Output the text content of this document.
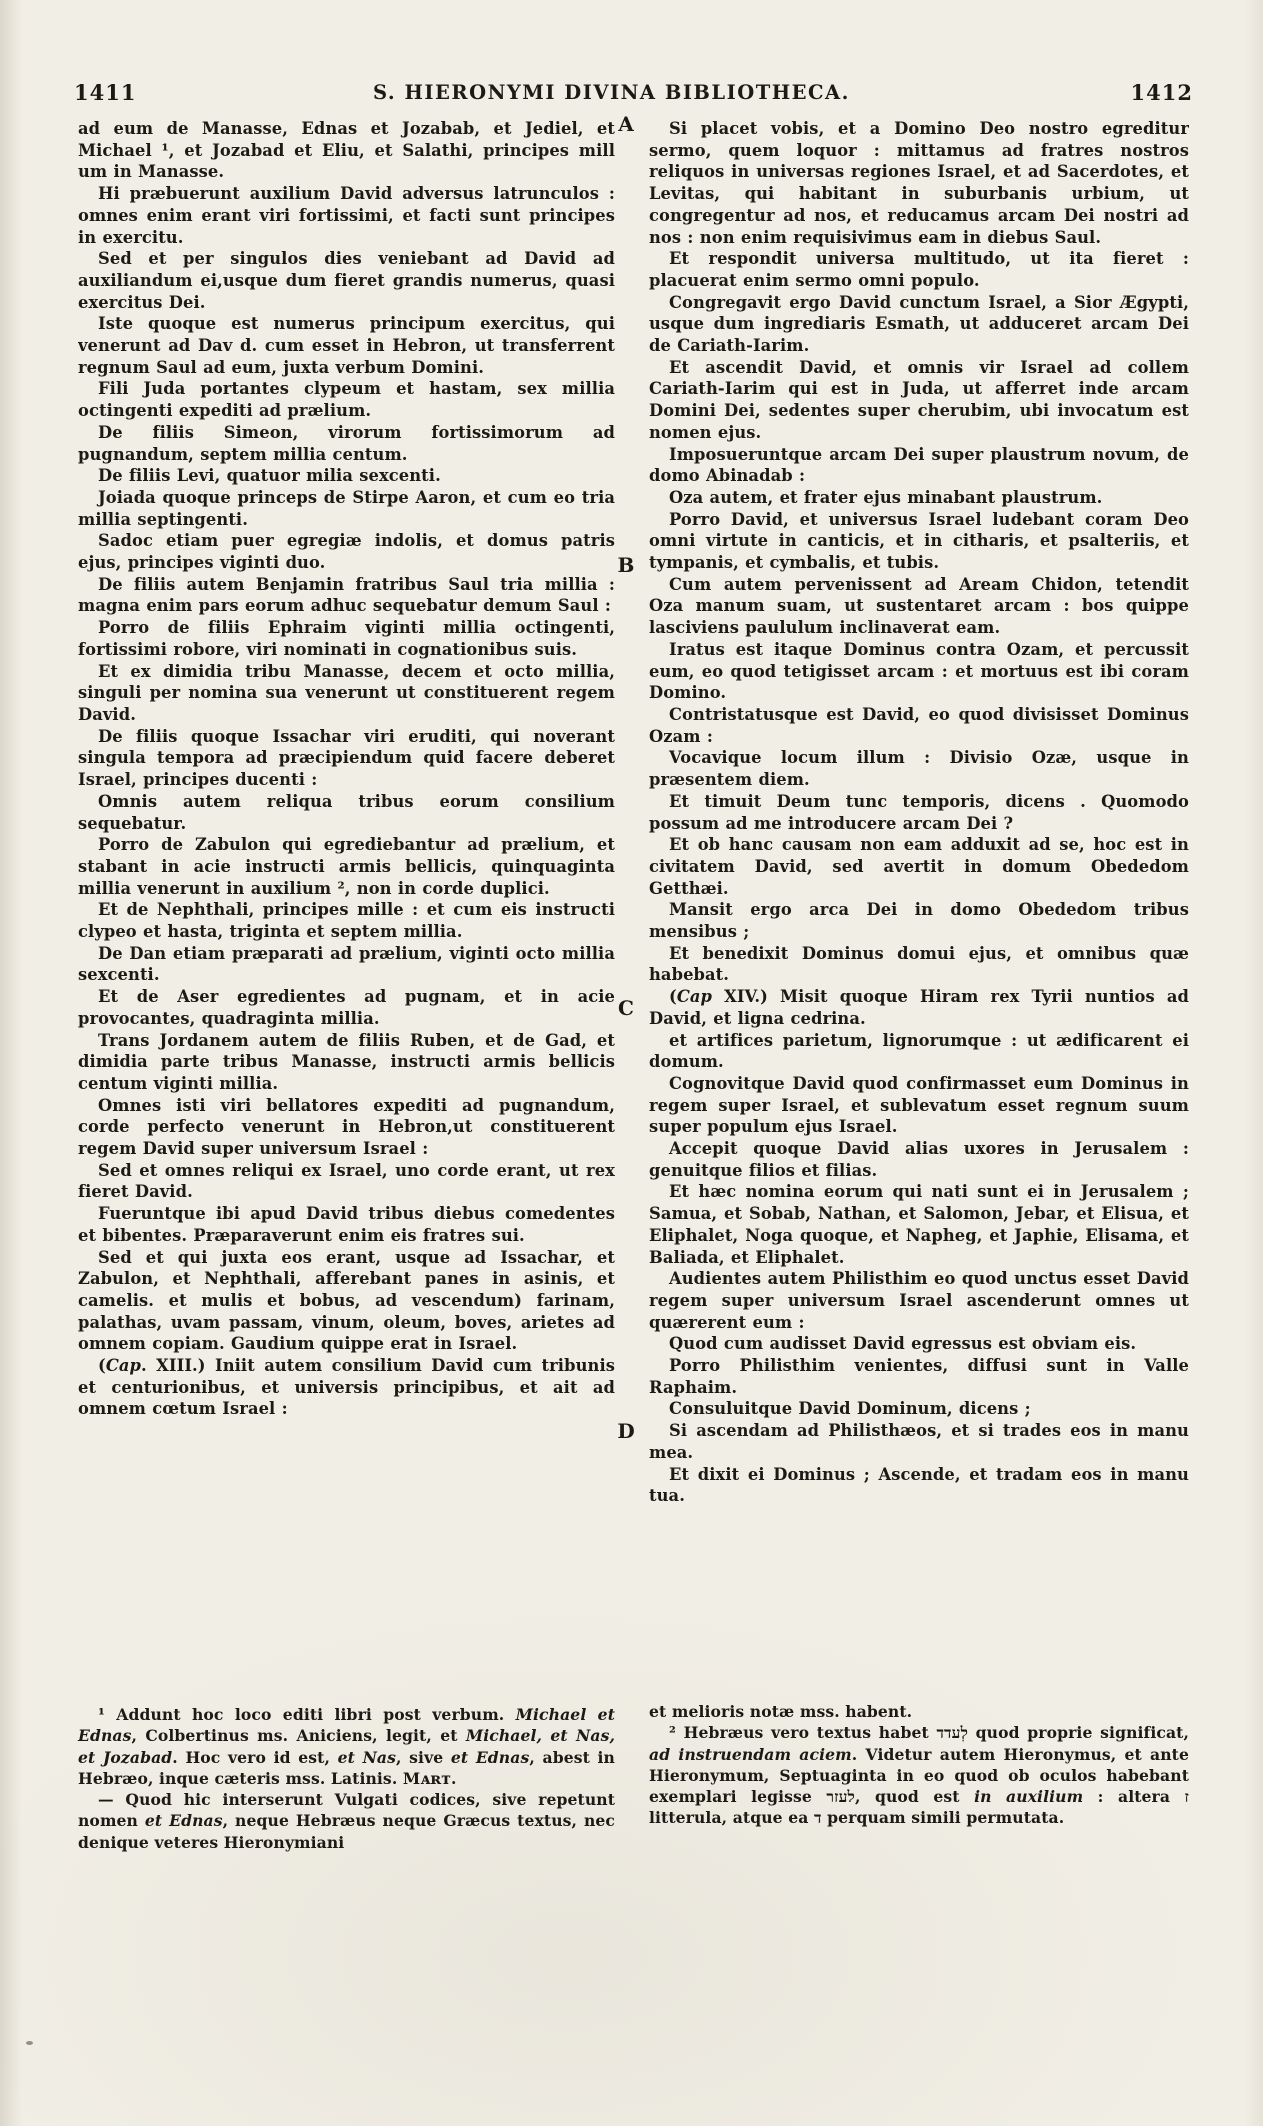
1411	S. HIERONYMI DIVINA BIBLIOTHECA.	1412
A
B
C
D

ad eum de Manasse, Ednas et Jozabab, et Jediel, et Michael ¹, et Jozabad et Eliu, et Salathi, principes mill um in Manasse.

Hi præbuerunt auxilium David adversus latrunculos : omnes enim erant viri fortissimi, et facti sunt principes in exercitu.

Sed et per singulos dies veniebant ad David ad auxiliandum ei,usque dum fieret grandis numerus, quasi exercitus Dei.

Iste quoque est numerus principum exercitus, qui venerunt ad Dav d. cum esset in Hebron, ut transferrent regnum Saul ad eum, juxta verbum Domini.

Fili Juda portantes clypeum et hastam, sex millia octingenti expediti ad prælium.

De filiis Simeon, virorum fortissimorum ad pugnandum, septem millia centum.

De filiis Levi, quatuor milia sexcenti.

Joiada quoque princeps de Stirpe Aaron, et cum eo tria millia septingenti.

Sadoc etiam puer egregiæ indolis, et domus patris ejus, principes viginti duo.

De filiis autem Benjamin fratribus Saul tria millia : magna enim pars eorum adhuc sequebatur demum Saul :

Porro de filiis Ephraim viginti millia octingenti, fortissimi robore, viri nominati in cognationibus suis.

Et ex dimidia tribu Manasse, decem et octo millia, singuli per nomina sua venerunt ut constituerent regem David.

De filiis quoque Issachar viri eruditi, qui noverant singula tempora ad præcipiendum quid facere deberet Israel, principes ducenti :

Omnis autem reliqua tribus eorum consilium sequebatur.

Porro de Zabulon qui egrediebantur ad prælium, et stabant in acie instructi armis bellicis, quinquaginta millia venerunt in auxilium ², non in corde duplici.

Et de Nephthali, principes mille : et cum eis instructi clypeo et hasta, triginta et septem millia.

De Dan etiam præparati ad prælium, viginti octo millia sexcenti.

Et de Aser egredientes ad pugnam, et in acie provocantes, quadraginta millia.

Trans Jordanem autem de filiis Ruben, et de Gad, et dimidia parte tribus Manasse, instructi armis bellicis centum viginti millia.

Omnes isti viri bellatores expediti ad pugnandum, corde perfecto venerunt in Hebron,ut constituerent regem David super universum Israel :

Sed et omnes reliqui ex Israel, uno corde erant, ut rex fieret David.

Fueruntque ibi apud David tribus diebus comedentes et bibentes. Præparaverunt enim eis fratres sui.

Sed et qui juxta eos erant, usque ad Issachar, et Zabulon, et Nephthali, afferebant panes in asinis, et camelis. et mulis et bobus, ad vescendum) farinam, palathas, uvam passam, vinum, oleum, boves, arietes ad omnem copiam. Gaudium quippe erat in Israel.

(Cap. XIII.) Iniit autem consilium David cum tribunis et centurionibus, et universis principibus, et ait ad omnem cœtum Israel :

Si placet vobis, et a Domino Deo nostro egreditur sermo, quem loquor : mittamus ad fratres nostros reliquos in universas regiones Israel, et ad Sacerdotes, et Levitas, qui habitant in suburbanis urbium, ut congregentur ad nos, et reducamus arcam Dei nostri ad nos : non enim requisivimus eam in diebus Saul.

Et respondit universa multitudo, ut ita fieret : placuerat enim sermo omni populo.

Congregavit ergo David cunctum Israel, a Sior Ægypti, usque dum ingrediaris Esmath, ut adduceret arcam Dei de Cariath-Iarim.

Et ascendit David, et omnis vir Israel ad collem Cariath-Iarim qui est in Juda, ut afferret inde arcam Domini Dei, sedentes super cherubim, ubi invocatum est nomen ejus.

Imposueruntque arcam Dei super plaustrum novum, de domo Abinadab :

Oza autem, et frater ejus minabant plaustrum.

Porro David, et universus Israel ludebant coram Deo omni virtute in canticis, et in citharis, et psalteriis, et tympanis, et cymbalis, et tubis.

Cum autem pervenissent ad Aream Chidon, tetendit Oza manum suam, ut sustentaret arcam : bos quippe lasciviens paululum inclinaverat eam.

Iratus est itaque Dominus contra Ozam, et percussit eum, eo quod tetigisset arcam : et mortuus est ibi coram Domino.

Contristatusque est David, eo quod divisisset Dominus Ozam :

Vocavique locum illum : Divisio Ozæ, usque in præsentem diem.

Et timuit Deum tunc temporis, dicens . Quomodo possum ad me introducere arcam Dei ?

Et ob hanc causam non eam adduxit ad se, hoc est in civitatem David, sed avertit in domum Obededom Getthæi.

Mansit ergo arca Dei in domo Obededom tribus mensibus ;

Et benedixit Dominus domui ejus, et omnibus quæ habebat.

(Cap XIV.) Misit quoque Hiram rex Tyrii nuntios ad David, et ligna cedrina.

et artifices parietum, lignorumque : ut ædificarent ei domum.

Cognovitque David quod confirmasset eum Dominus in regem super Israel, et sublevatum esset regnum suum super populum ejus Israel.

Accepit quoque David alias uxores in Jerusalem : genuitque filios et filias.

Et hæc nomina eorum qui nati sunt ei in Jerusalem ; Samua, et Sobab, Nathan, et Salomon, Jebar, et Elisua, et Eliphalet, Noga quoque, et Napheg, et Japhie, Elisama, et Baliada, et Eliphalet.

Audientes autem Philisthim eo quod unctus esset David regem super universum Israel ascenderunt omnes ut quærerent eum :

Quod cum audisset David egressus est obviam eis.

Porro Philisthim venientes, diffusi sunt in Valle Raphaim.

Consuluitque David Dominum, dicens ;

Si ascendam ad Philisthæos, et si trades eos in manu mea.

Et dixit ei Dominus ; Ascende, et tradam eos in manu tua.

¹ Addunt hoc loco editi libri post verbum. Michael et Ednas, Colbertinus ms. Aniciens, legit, et Michael, et Nas, et Jozabad. Hoc vero id est, et Nas, sive et Ednas, abest in Hebræo, inque cæteris mss. Latinis. Mᴀʀᴛ.

— Quod hic interserunt Vulgati codices, sive repetunt nomen et Ednas, neque Hebræus neque Græcus textus, nec denique veteres Hieronymiani

et melioris notæ mss. habent.

² Hebræus vero textus habet לְעדד quod proprie significat, ad instruendam aciem. Videtur autem Hieronymus, et ante Hieronymum, Septuaginta in eo quod ob oculos habebant exemplari legisse לעזר, quod est in auxilium : altera ז litterula, atque ea ד perquam simili permutata.
